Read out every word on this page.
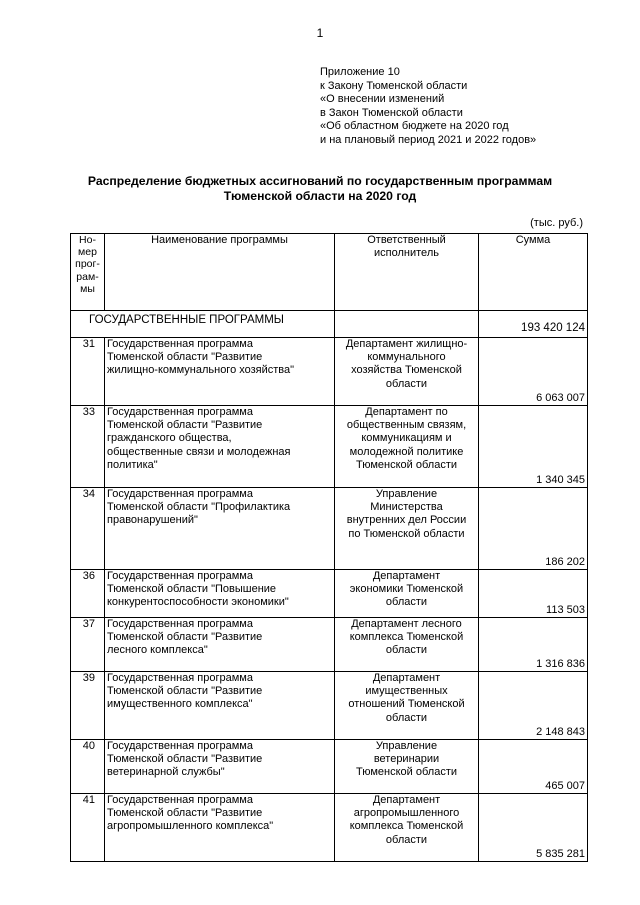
1
Приложение 10
к Закону Тюменской области
«О внесении изменений
в Закон Тюменской области
«Об областном бюджете на 2020 год
и на плановый период 2021 и 2022 годов»
Распределение бюджетных ассигнований по государственным программам
Тюменской области на 2020 год
(тыс. руб.)
Но-
мер
прог-
рам-
мы	Наименование программы	Ответственный
исполнитель	Сумма
ГОСУДАРСТВЕННЫЕ ПРОГРАММЫ			193 420 124
31	Государственная программа
Тюменской области "Развитие
жилищно-коммунального хозяйства"	Департамент жилищно-
коммунального
хозяйства Тюменской
области	6 063 007
33	Государственная программа
Тюменской области "Развитие
гражданского общества,
общественные связи и молодежная
политика"	Департамент по
общественным связям,
коммуникациям и
молодежной политике
Тюменской области	1 340 345
34	Государственная программа
Тюменской области "Профилактика
правонарушений"	Управление
Министерства
внутренних дел России
по Тюменской области	186 202
36	Государственная программа
Тюменской области "Повышение
конкурентоспособности экономики"	Департамент
экономики Тюменской
области	113 503
37	Государственная программа
Тюменской области "Развитие
лесного комплекса"	Департамент лесного
комплекса Тюменской
области	1 316 836
39	Государственная программа
Тюменской области "Развитие
имущественного комплекса"	Департамент
имущественных
отношений Тюменской
области	2 148 843
40	Государственная программа
Тюменской области "Развитие
ветеринарной службы"	Управление
ветеринарии
Тюменской области	465 007
41	Государственная программа
Тюменской области "Развитие
агропромышленного комплекса"	Департамент
агропромышленного
комплекса Тюменской
области	5 835 281
